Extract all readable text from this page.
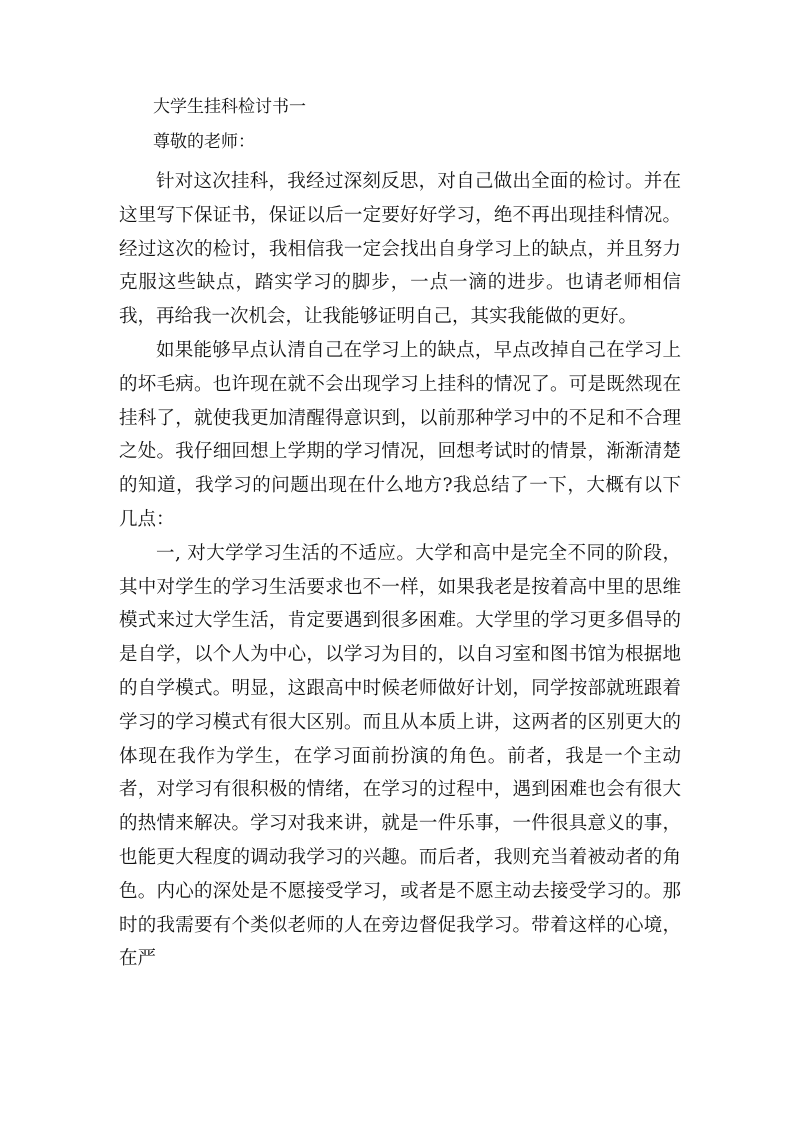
大学生挂科检讨书一
尊敬的老师：

针对这次挂科，我经过深刻反思，对自己做出全面的检讨。并在这里写下保证书，保证以后一定要好好学习，绝不再出现挂科情况。经过这次的检讨，我相信我一定会找出自身学习上的缺点，并且努力克服这些缺点，踏实学习的脚步，一点一滴的进步。也请老师相信我，再给我一次机会，让我能够证明自己，其实我能做的更好。

如果能够早点认清自己在学习上的缺点，早点改掉自己在学习上的坏毛病。也许现在就不会出现学习上挂科的情况了。可是既然现在挂科了，就使我更加清醒得意识到，以前那种学习中的不足和不合理之处。我仔细回想上学期的学习情况，回想考试时的情景，渐渐清楚的知道，我学习的问题出现在什么地方?我总结了一下，大概有以下几点：

一, 对大学学习生活的不适应。大学和高中是完全不同的阶段，其中对学生的学习生活要求也不一样，如果我老是按着高中里的思维模式来过大学生活，肯定要遇到很多困难。大学里的学习更多倡导的是自学，以个人为中心，以学习为目的，以自习室和图书馆为根据地的自学模式。明显，这跟高中时候老师做好计划，同学按部就班跟着学习的学习模式有很大区别。而且从本质上讲，这两者的区别更大的体现在我作为学生，在学习面前扮演的角色。前者，我是一个主动者，对学习有很积极的情绪，在学习的过程中，遇到困难也会有很大的热情来解决。学习对我来讲，就是一件乐事，一件很具意义的事，也能更大程度的调动我学习的兴趣。而后者，我则充当着被动者的角色。内心的深处是不愿接受学习，或者是不愿主动去接受学习的。那时的我需要有个类似老师的人在旁边督促我学习。带着这样的心境，在严
